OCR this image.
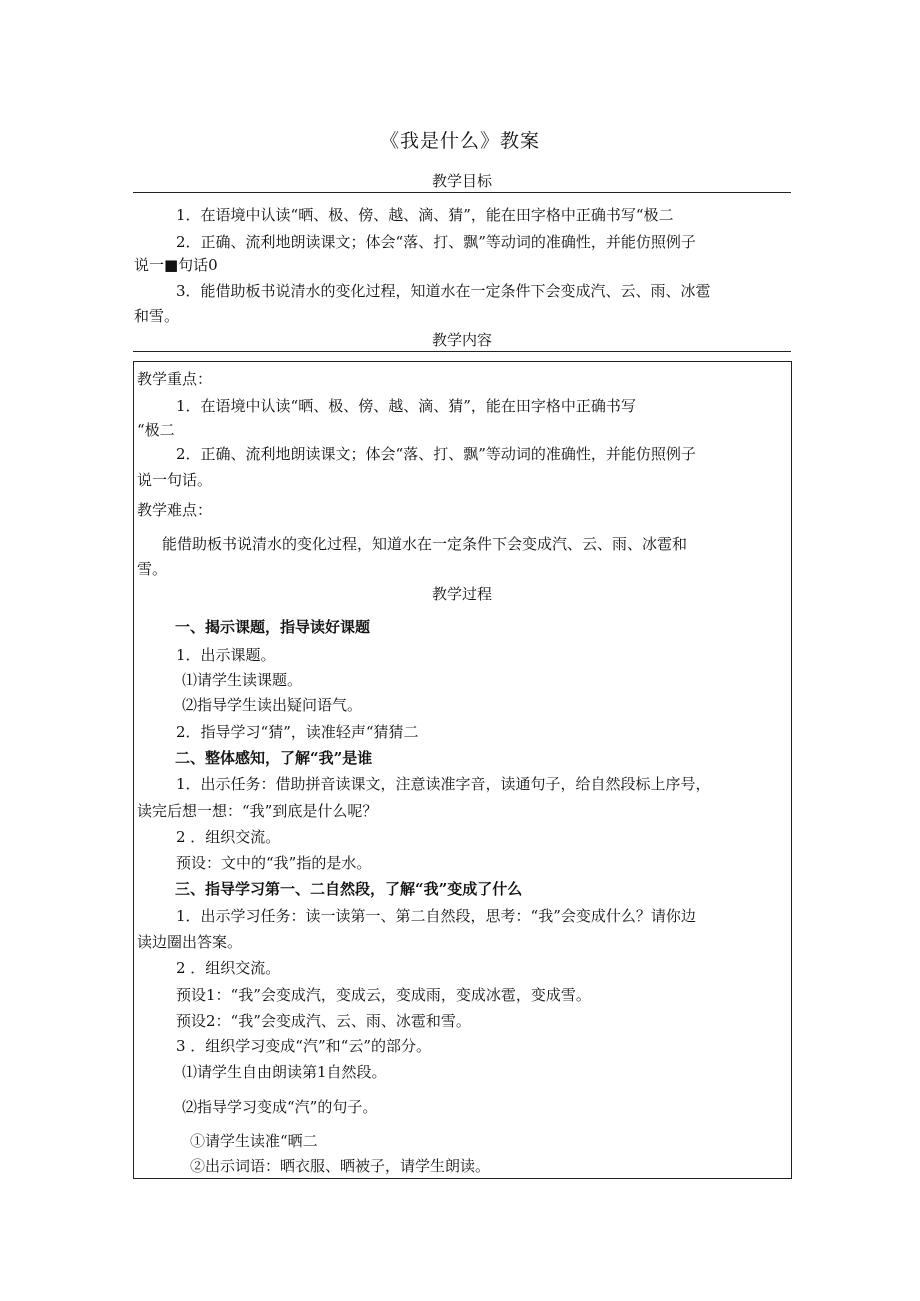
《我是什么》教案
教学目标
1．在语境中认读“晒、极、傍、越、滴、猜”，能在田字格中正确书写“极二
2．正确、流利地朗读课文；体会“落、打、飘”等动词的准确性，并能仿照例子
说一■句话0
3．能借助板书说清水的变化过程，知道水在一定条件下会变成汽、云、雨、冰雹
和雪。
教学内容
教学重点：
1．在语境中认读“晒、极、傍、越、滴、猜”，能在田字格中正确书写
“极二
2．正确、流利地朗读课文；体会“落、打、飘”等动词的准确性，并能仿照例子
说一句话。
教学难点：
能借助板书说清水的变化过程，知道水在一定条件下会变成汽、云、雨、冰雹和
雪。
教学过程
一、揭示课题，指导读好课题
1．出示课题。
⑴请学生读课题。
⑵指导学生读出疑问语气。
2．指导学习“猜”，读准轻声“猜猜二
二、整体感知，了解“我”是谁
1．出示任务：借助拼音读课文，注意读准字音，读通句子，给自然段标上序号，
读完后想一想：“我”到底是什么呢？
2 ．组织交流。
预设：文中的“我”指的是水。
三、指导学习第一、二自然段，了解“我”变成了什么
1．出示学习任务：读一读第一、第二自然段，思考：“我”会变成什么？请你边
读边圈出答案。
2 ．组织交流。
预设1：“我”会变成汽，变成云，变成雨，变成冰雹，变成雪。
预设2：“我”会变成汽、云、雨、冰雹和雪。
3 ．组织学习变成“汽”和“云”的部分。
⑴请学生自由朗读第1自然段。
⑵指导学习变成“汽”的句子。
①请学生读准“晒二
②出示词语：晒衣服、晒被子，请学生朗读。
